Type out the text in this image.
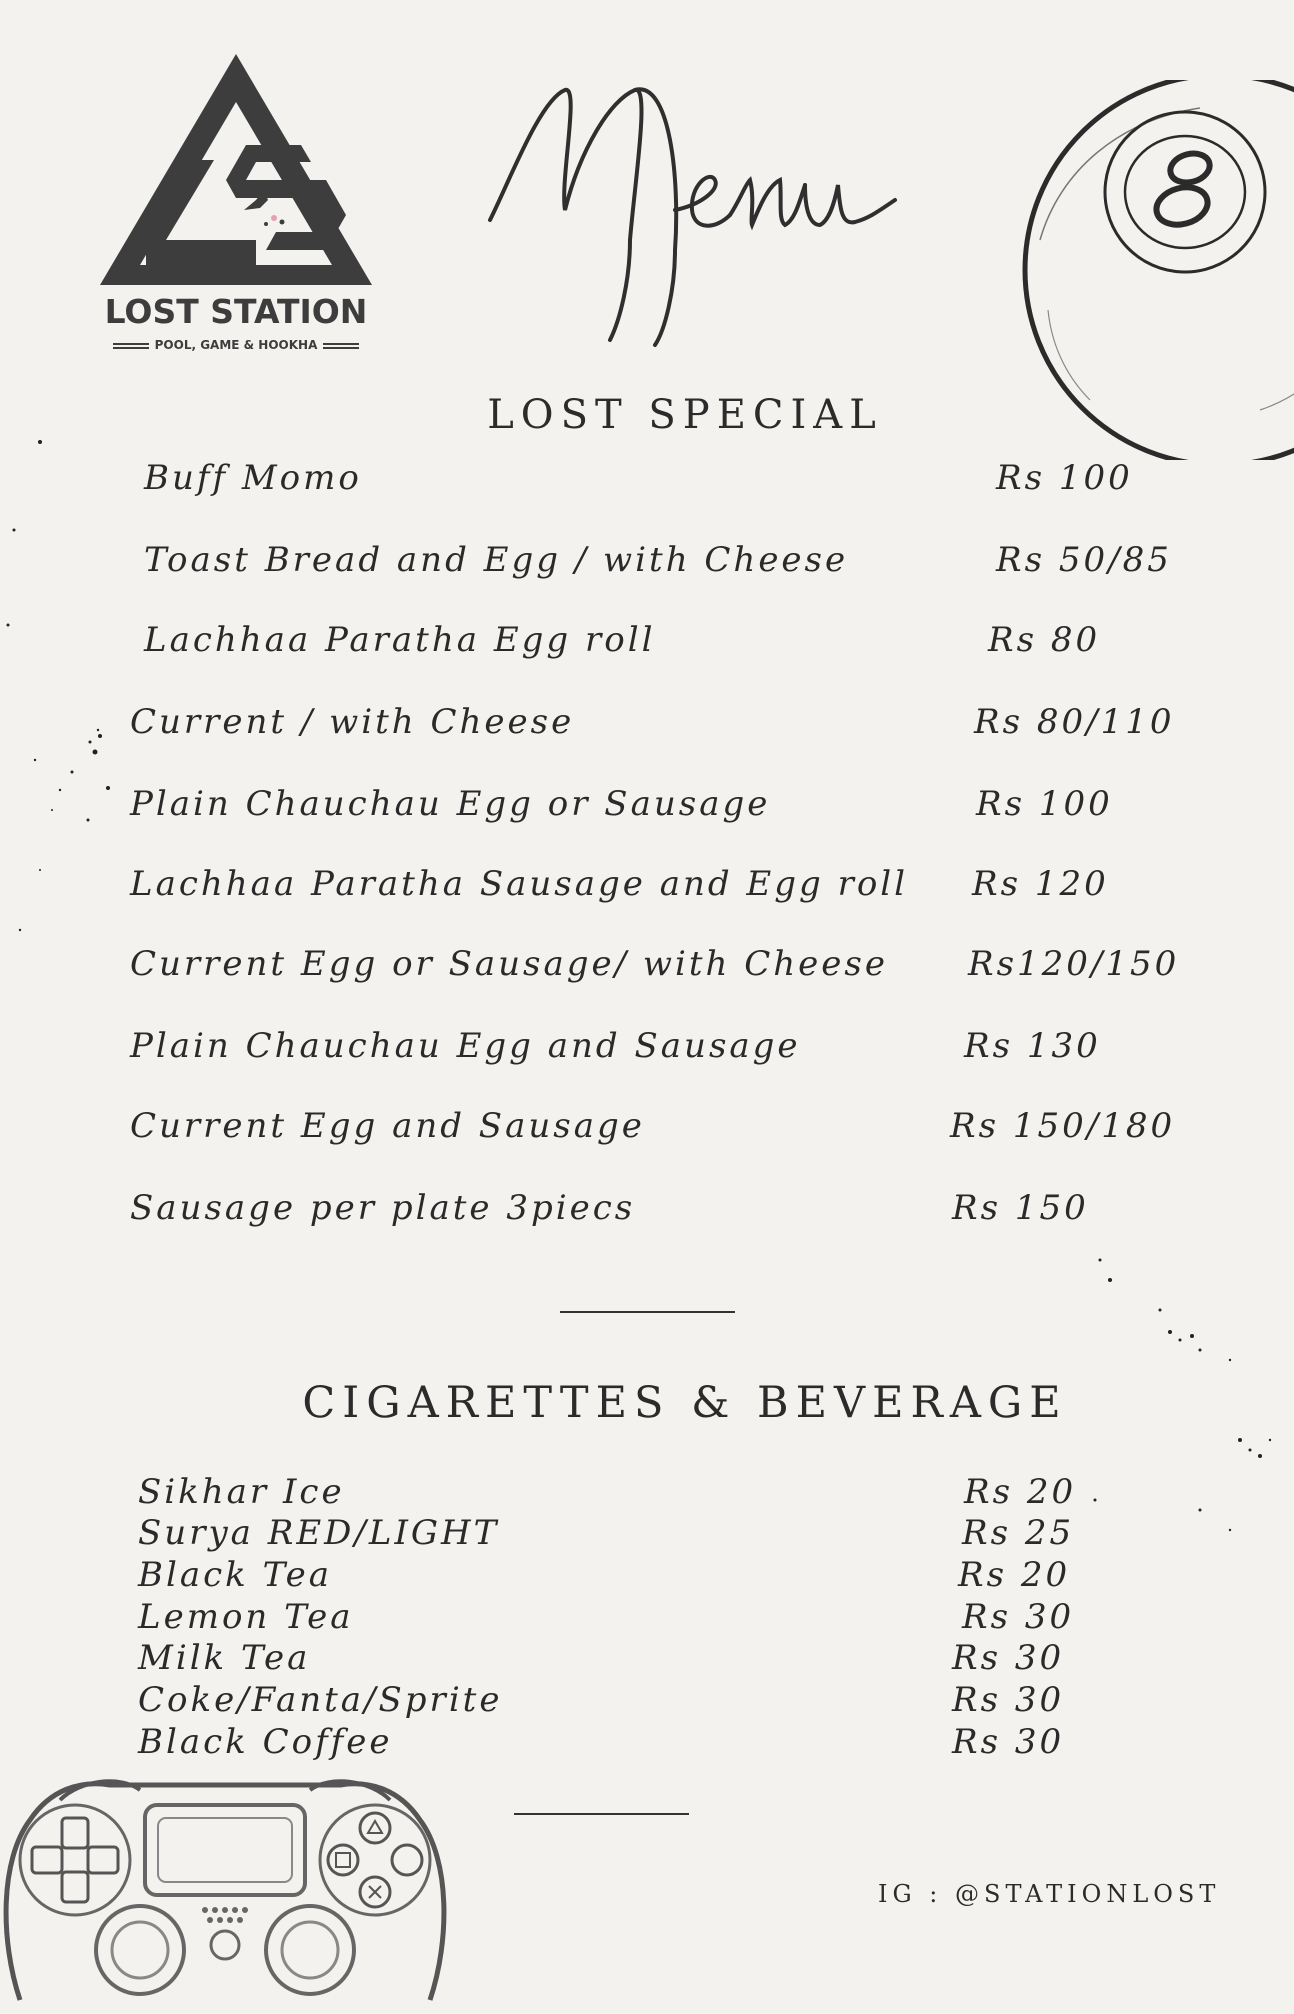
LOST STATION
POOL, GAME & HOOKHA
LOST SPECIAL
Buff Momo	Rs 100
Toast Bread and Egg / with Cheese	Rs 50/85
Lachhaa Paratha Egg roll	Rs 80
Current / with Cheese	Rs 80/110
Plain Chauchau Egg or Sausage	Rs 100
Lachhaa Paratha Sausage and Egg roll Rs 120
Current Egg or Sausage/ with Cheese Rs120/150
Plain Chauchau Egg and Sausage	Rs 130
Current Egg and Sausage	Rs 150/180
Sausage per plate 3piecs	Rs 150
CIGARETTES & BEVERAGE
Sikhar Ice	Rs 20
Surya RED/LIGHT	Rs 25
Black Tea	Rs 20
Lemon Tea	Rs 30
Milk Tea	Rs 30
Coke/Fanta/Sprite	Rs 30
Black Coffee	Rs 30
IG : @STATIONLOST
